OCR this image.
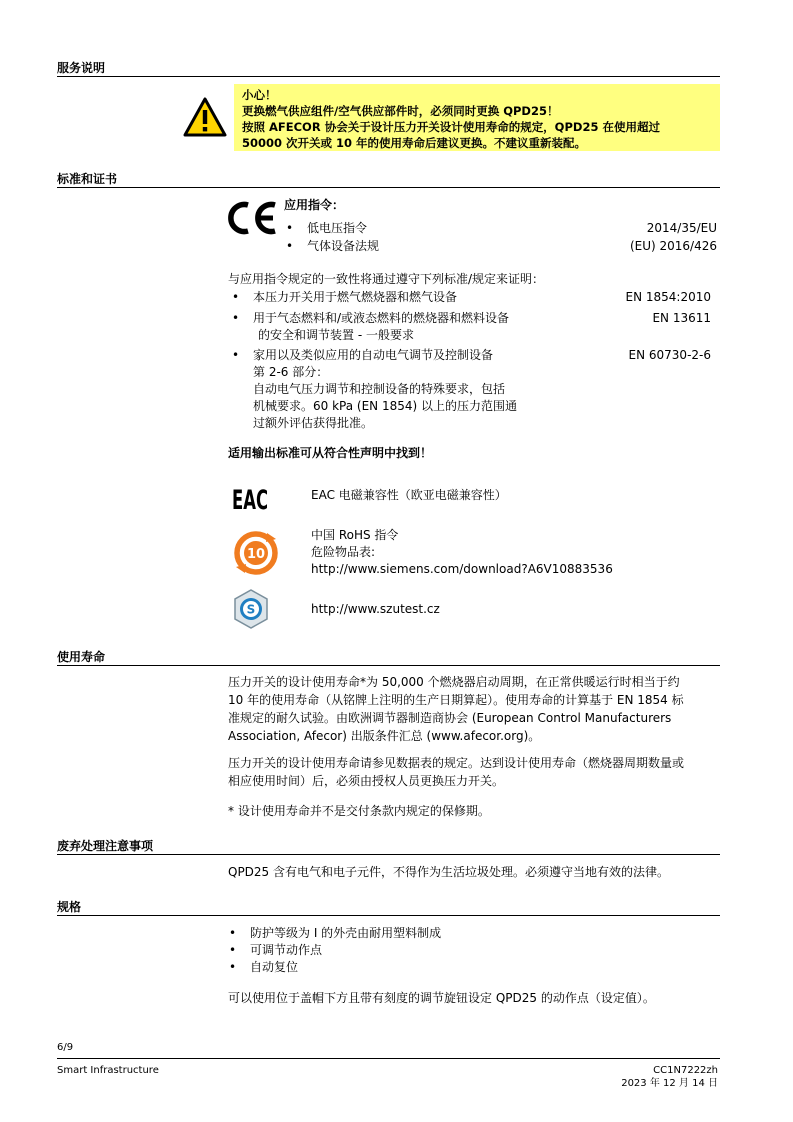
服务说明
小心！
更换燃气供应组件/空气供应部件时，必须同时更换 QPD25！
按照 AFECOR 协会关于设计压力开关设计使用寿命的规定，QPD25 在使用超过
50000 次开关或 10 年的使用寿命后建议更换。不建议重新装配。
标准和证书
应用指令：
• 低电压指令	2014/35/EU
• 气体设备法规	(EU) 2016/426
与应用指令规定的一致性将通过遵守下列标准/规定来证明：
• 本压力开关用于燃气燃烧器和燃气设备	EN 1854:2010
• 用于气态燃料和/或液态燃料的燃烧器和燃料设备
的安全和调节装置 - 一般要求
EN 13611
• 家用以及类似应用的自动电气调节及控制设备
第 2-6 部分：
自动电气压力调节和控制设备的特殊要求，包括
机械要求。60 kPa (EN 1854) 以上的压力范围通
过额外评估获得批准。
EN 60730-2-6
适用输出标准可从符合性声明中找到！
EAC	EAC 电磁兼容性（欧亚电磁兼容性）
10
中国 RoHS 指令
危险物品表:
http://www.siemens.com/download?A6V10883536
S	http://www.szutest.cz
使用寿命
压力开关的设计使用寿命*为 50,000 个燃烧器启动周期，在正常供暖运行时相当于约
10 年的使用寿命（从铭牌上注明的生产日期算起）。使用寿命的计算基于 EN 1854 标
准规定的耐久试验。由欧洲调节器制造商协会 (European Control Manufacturers
Association, Afecor) 出版条件汇总 (www.afecor.org)。
压力开关的设计使用寿命请参见数据表的规定。达到设计使用寿命（燃烧器周期数量或
相应使用时间）后，必须由授权人员更换压力开关。
* 设计使用寿命并不是交付条款内规定的保修期。
废弃处理注意事项
QPD25 含有电气和电子元件，不得作为生活垃圾处理。必须遵守当地有效的法律。
规格
• 防护等级为 I 的外壳由耐用塑料制成
• 可调节动作点
• 自动复位
可以使用位于盖帽下方且带有刻度的调节旋钮设定 QPD25 的动作点（设定值）。
6/9
Smart Infrastructure	CC1N7222zh
2023 年 12 月 14 日
